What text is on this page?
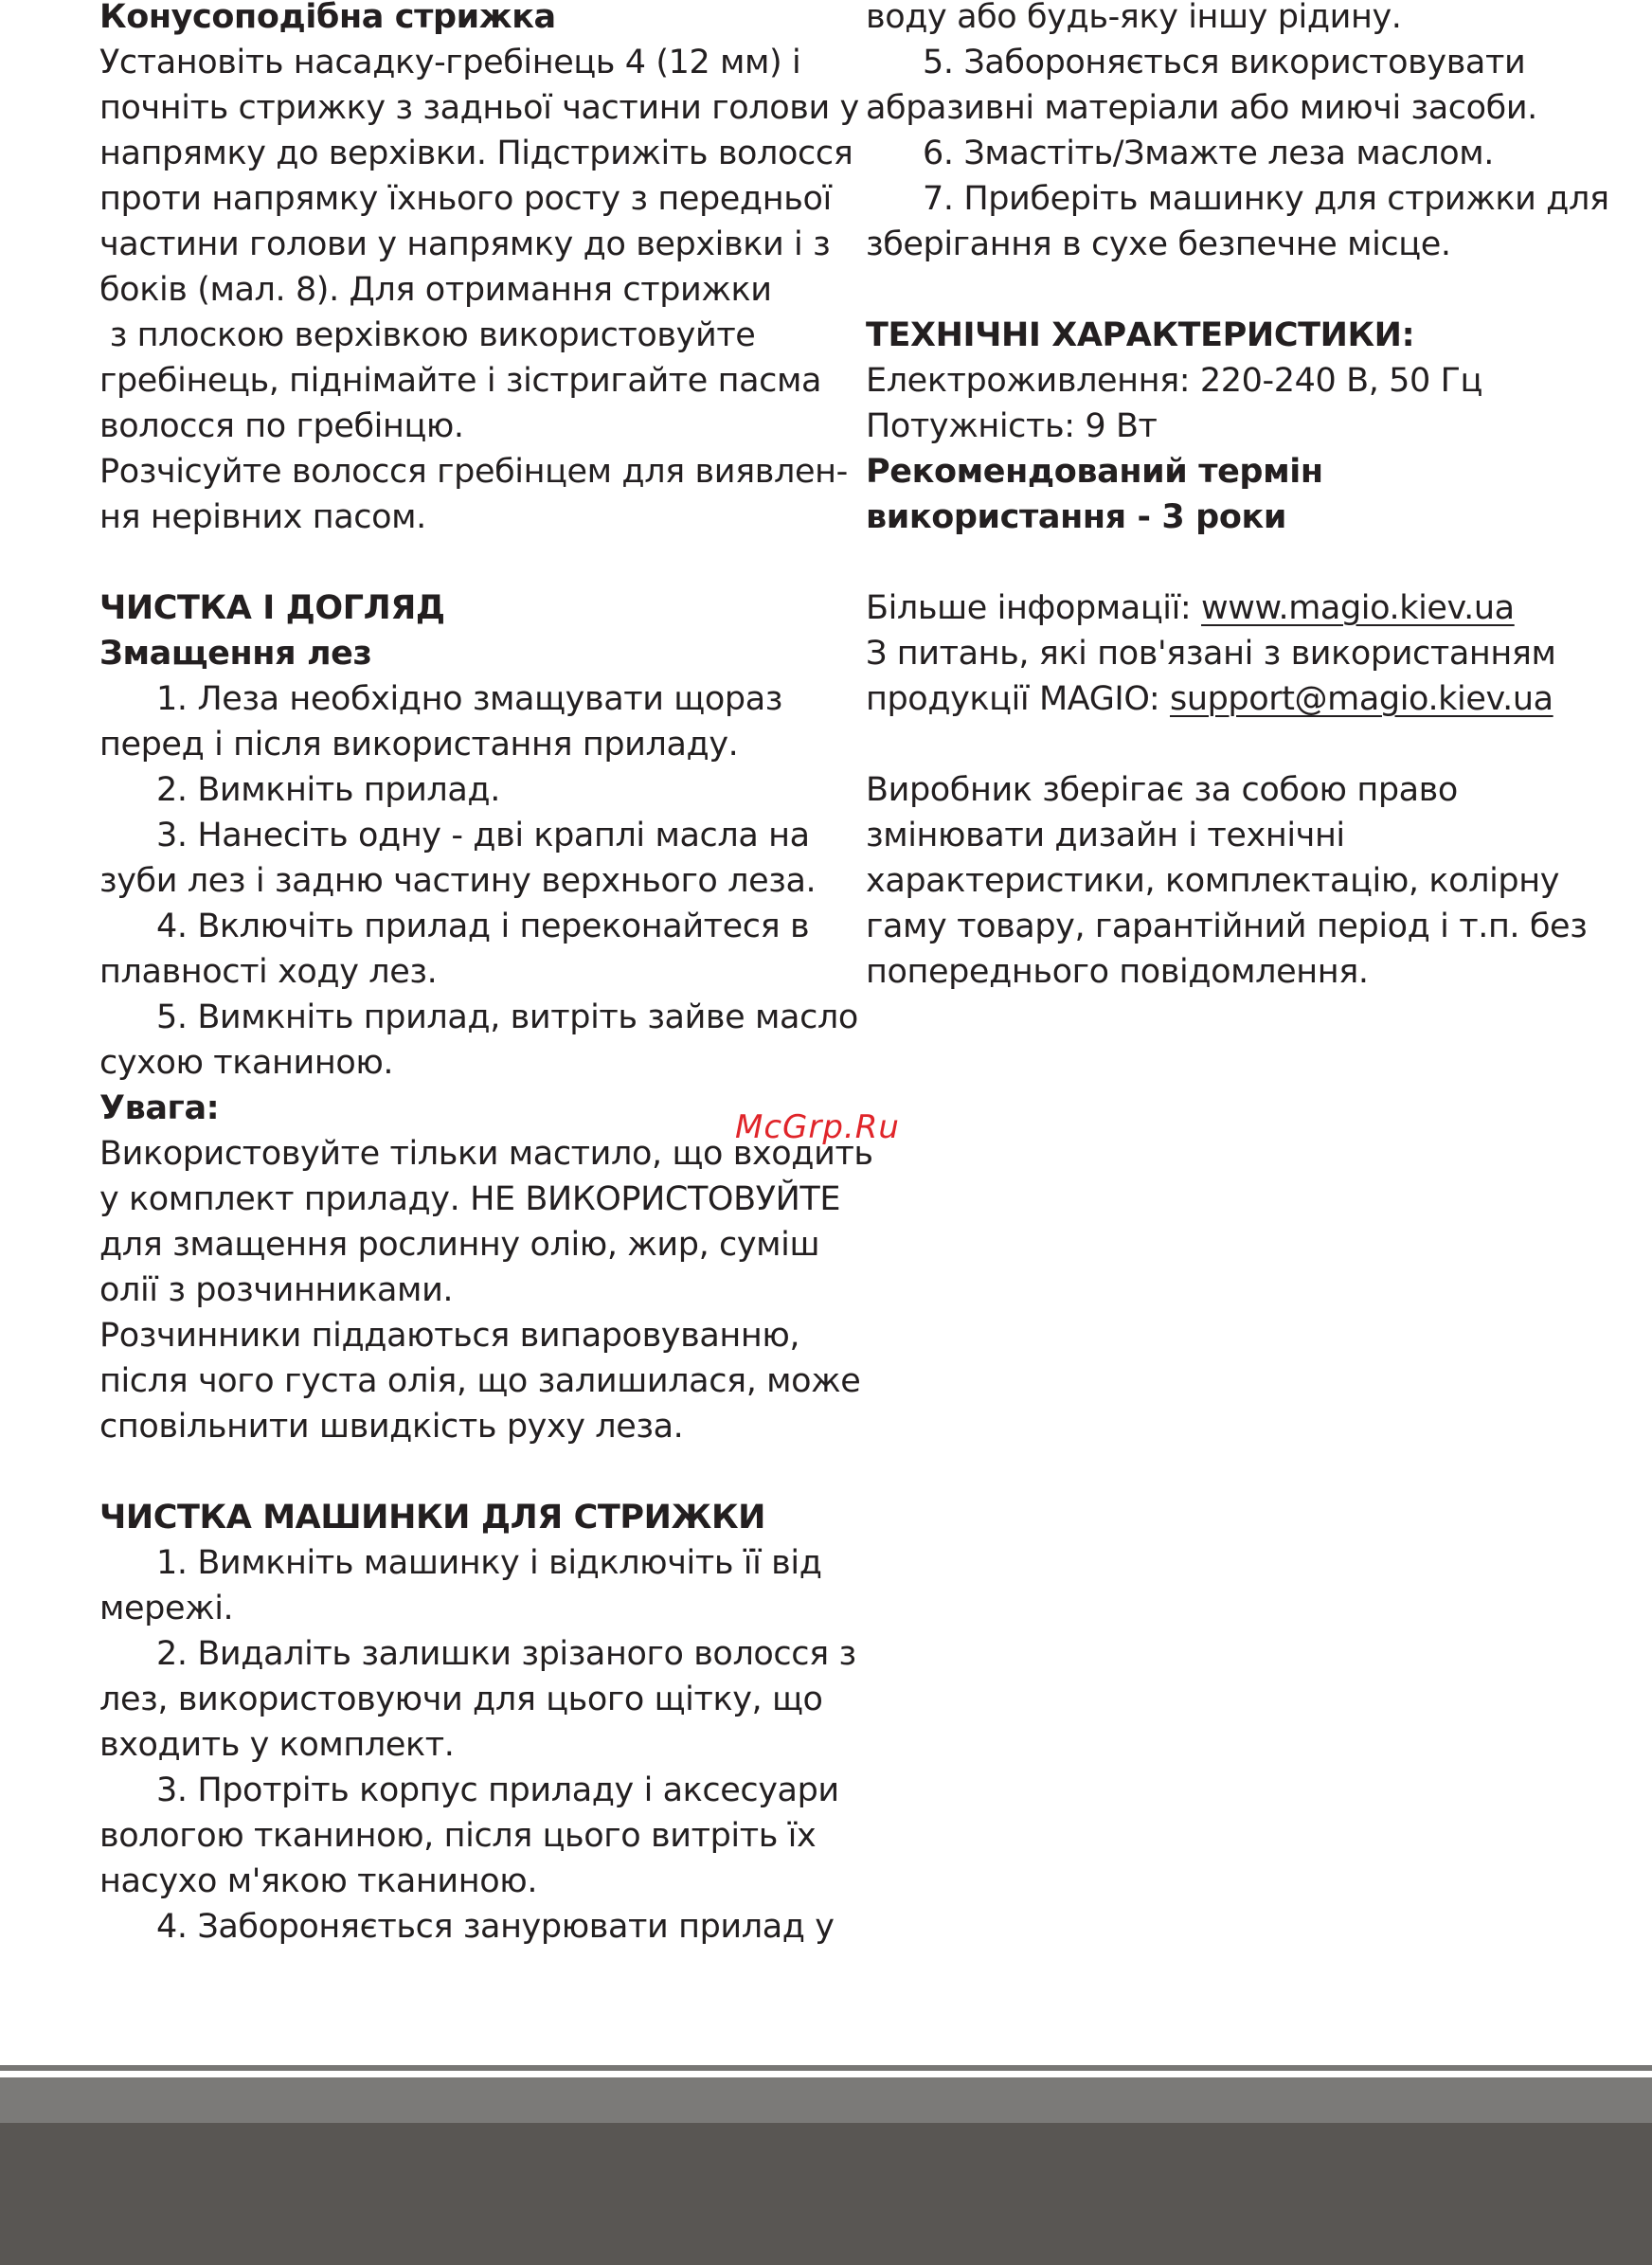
Конусоподібна стрижка

Установіть насадку-гребінець 4 (12 мм) і

почніть стрижку з задньої частини голови у

напрямку до верхівки. Підстрижіть волосся

проти напрямку їхнього росту з передньої

частини голови у напрямку до верхівки і з

боків (мал. 8). Для отримання стрижки

з плоскою верхівкою використовуйте

гребінець, піднімайте і зістригайте пасма

волосся по гребінцю.

Розчісуйте волосся гребінцем для виявлен-

ня нерівних пасом.

ЧИСТКА І ДОГЛЯД

Змащення лез

1. Леза необхідно змащувати щораз

перед і після використання приладу.

2. Вимкніть прилад.

3. Нанесіть одну - дві краплі масла на

зуби лез і задню частину верхнього леза.

4. Включіть прилад і переконайтеся в

плавності ходу лез.

5. Вимкніть прилад, витріть зайве масло

сухою тканиною.

Увага:

Використовуйте тільки мастило, що входить

у комплект приладу. НЕ ВИКОРИСТОВУЙТЕ

для змащення рослинну олію, жир, суміш

олії з розчинниками.

Розчинники піддаються випаровуванню,

після чого густа олія, що залишилася, може

сповільнити швидкість руху леза.

ЧИСТКА МАШИНКИ ДЛЯ СТРИЖКИ

1. Вимкніть машинку і відключіть її від

мережі.

2. Видаліть залишки зрізаного волосся з

лез, використовуючи для цього щітку, що

входить у комплект.

3. Протріть корпус приладу і аксесуари

вологою тканиною, після цього витріть їх

насухо м'якою тканиною.

4. Забороняється занурювати прилад у

воду або будь-яку іншу рідину.

5. Забороняється використовувати

абразивні матеріали або миючі засоби.

6. Змастіть/Змажте леза маслом.

7. Приберіть машинку для стрижки для

зберігання в сухе безпечне місце.

ТЕХНІЧНІ ХАРАКТЕРИСТИКИ:

Електроживлення: 220-240 В, 50 Гц

Потужність: 9 Вт

Рекомендований термін

використання - 3 роки

Більше інформації: www.magio.kiev.ua

З питань, які пов'язані з використанням

продукції MAGIO: support@magio.kiev.ua

Виробник зберігає за собою право

змінювати дизайн і технічні

характеристики, комплектацію, колірну

гаму товару, гарантійний період і т.п. без

попереднього повідомлення.

McGrp.Ru
